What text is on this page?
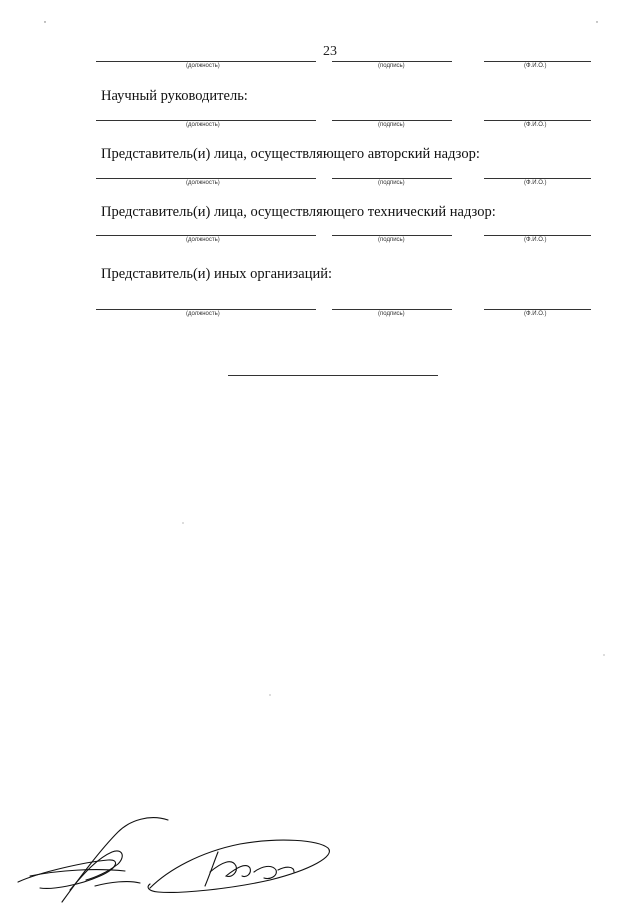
23
(должность)	(подпись)	(Ф.И.О.)
Научный руководитель:
(должность)	(подпись)	(Ф.И.О.)
Представитель(и) лица, осуществляющего авторский надзор:
(должность)	(подпись)	(Ф.И.О.)
Представитель(и) лица, осуществляющего технический надзор:
(должность)	(подпись)	(Ф.И.О.)
Представитель(и) иных организаций:
(должность)	(подпись)	(Ф.И.О.)
